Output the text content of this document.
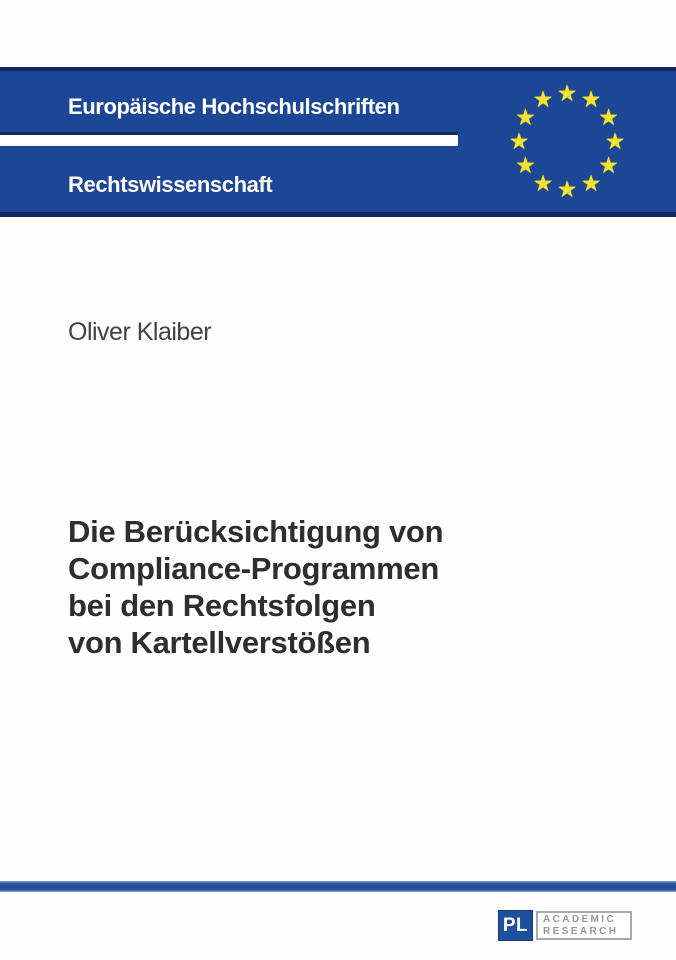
Europäische Hochschulschriften
Rechtswissenschaft
★ ★
★
★
★
★
★
★
★
★
★
★
Oliver Klaiber
Die Berücksichtigung von
Compliance-Programmen
bei den Rechtsfolgen
von Kartellverstößen
PL ACADEMIC
RESEARCH
